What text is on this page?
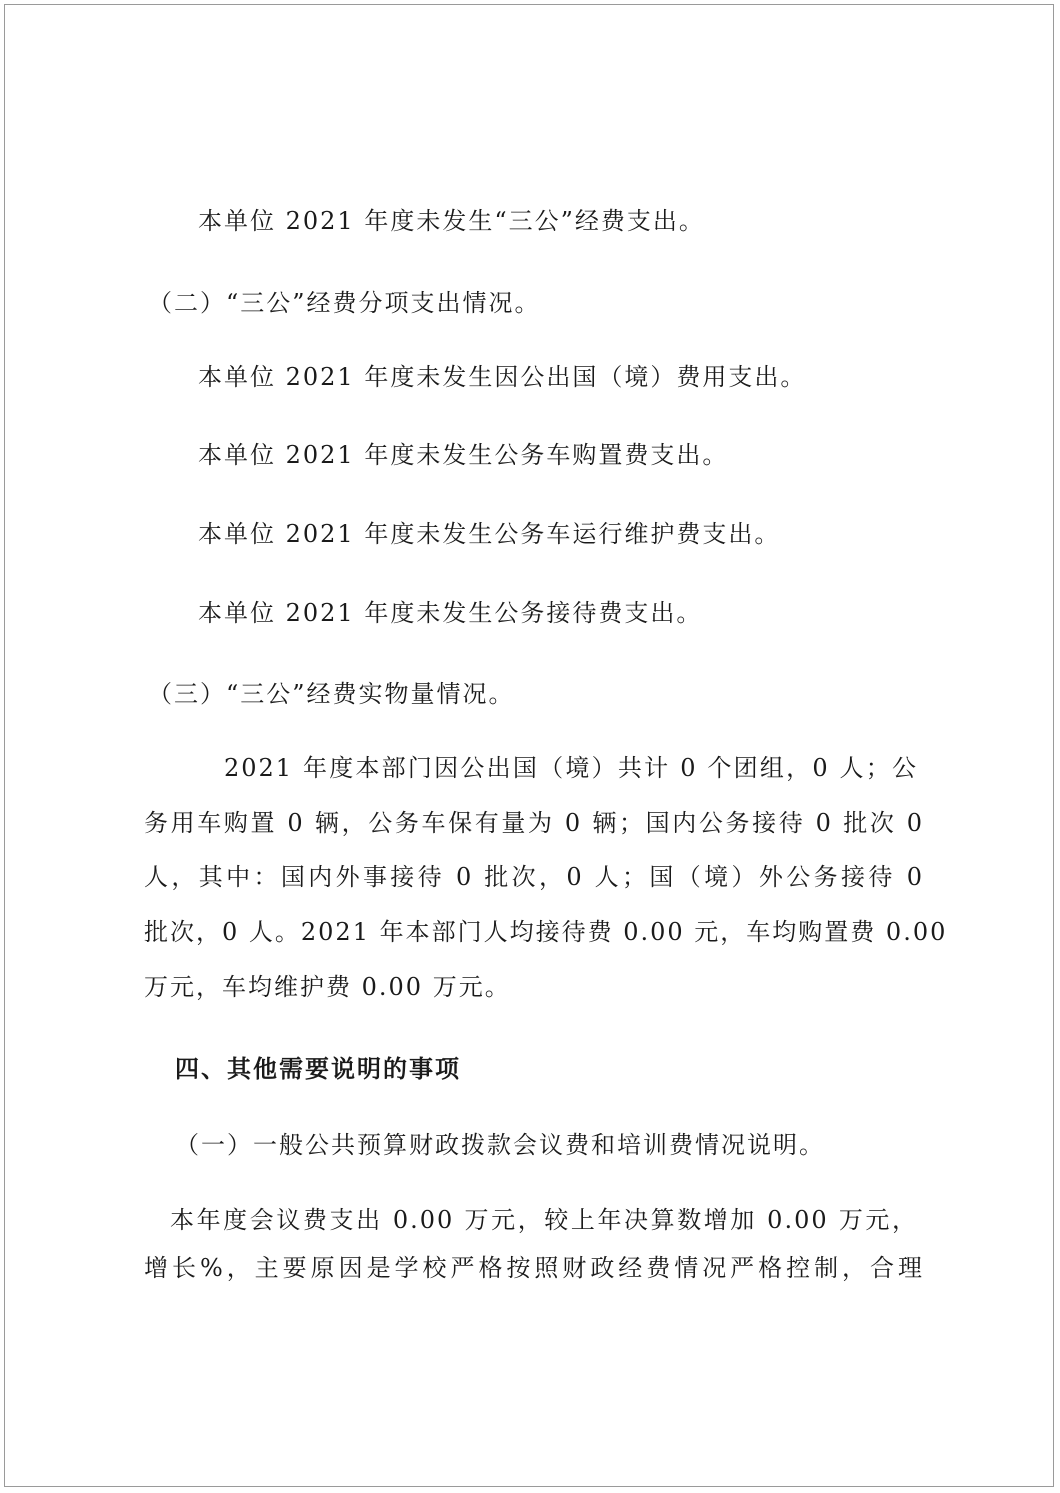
本单位 2021 年度未发生“三公”经费支出。
（二）“三公”经费分项支出情况。
本单位 2021 年度未发生因公出国（境）费用支出。
本单位 2021 年度未发生公务车购置费支出。
本单位 2021 年度未发生公务车运行维护费支出。
本单位 2021 年度未发生公务接待费支出。
（三）“三公”经费实物量情况。
2021 年度本部门因公出国（境）共计 0 个团组，0 人；公
务用车购置 0 辆，公务车保有量为 0 辆；国内公务接待 0 批次 0
人，其中：国内外事接待 0 批次，0 人；国（境）外公务接待 0
批次，0 人。2021 年本部门人均接待费 0.00 元，车均购置费 0.00
万元，车均维护费 0.00 万元。
四、其他需要说明的事项
（一）一般公共预算财政拨款会议费和培训费情况说明。
本年度会议费支出 0.00 万元，较上年决算数增加 0.00 万元，
增长%，主要原因是学校严格按照财政经费情况严格控制，合理
